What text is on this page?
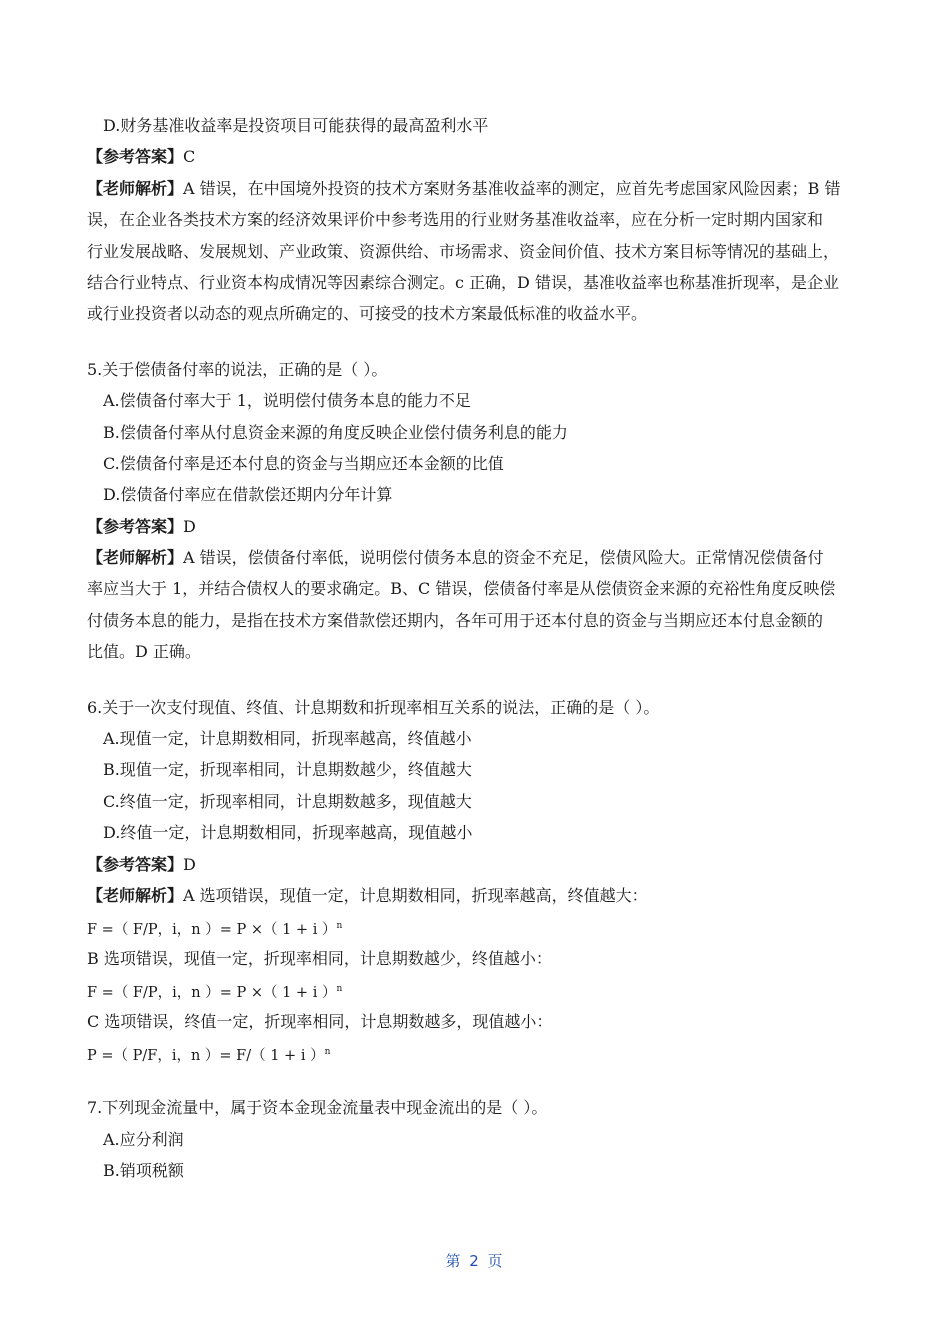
D.财务基准收益率是投资项目可能获得的最高盈利水平
【参考答案】C
【老师解析】A 错误，在中国境外投资的技术方案财务基准收益率的测定，应首先考虑国家风险因素；B 错
误，在企业各类技术方案的经济效果评价中参考选用的行业财务基准收益率，应在分析一定时期内国家和
行业发展战略、发展规划、产业政策、资源供给、市场需求、资金间价值、技术方案目标等情况的基础上，
结合行业特点、行业资本构成情况等因素综合测定。c 正确，D 错误，基准收益率也称基准折现率，是企业
或行业投资者以动态的观点所确定的、可接受的技术方案最低标准的收益水平。
5.关于偿债备付率的说法，正确的是（ ）。
A.偿债备付率大于 1，说明偿付债务本息的能力不足
B.偿债备付率从付息资金来源的角度反映企业偿付债务利息的能力
C.偿债备付率是还本付息的资金与当期应还本金额的比值
D.偿债备付率应在借款偿还期内分年计算
【参考答案】D
【老师解析】A 错误，偿债备付率低，说明偿付债务本息的资金不充足，偿债风险大。正常情况偿债备付
率应当大于 1，并结合债权人的要求确定。B、C 错误，偿债备付率是从偿债资金来源的充裕性角度反映偿
付债务本息的能力，是指在技术方案借款偿还期内，各年可用于还本付息的资金与当期应还本付息金额的
比值。D 正确。
6.关于一次支付现值、终值、计息期数和折现率相互关系的说法，正确的是（ ）。
A.现值一定，计息期数相同，折现率越高，终值越小
B.现值一定，折现率相同，计息期数越少，终值越大
C.终值一定，折现率相同，计息期数越多，现值越大
D.终值一定，计息期数相同，折现率越高，现值越小
【参考答案】D
【老师解析】A 选项错误，现值一定，计息期数相同，折现率越高，终值越大：
F =（ F/P，i，n ）= P ×（ 1 + i ）$^n$
B 选项错误，现值一定，折现率相同，计息期数越少，终值越小：
F =（ F/P，i，n ）= P ×（ 1 + i ）$^n$
C 选项错误，终值一定，折现率相同，计息期数越多，现值越小：
P =（ P/F，i，n ）= F/（ 1 + i ）$^n$
7.下列现金流量中，属于资本金现金流量表中现金流出的是（ ）。
A.应分利润
B.销项税额
第 2 页
